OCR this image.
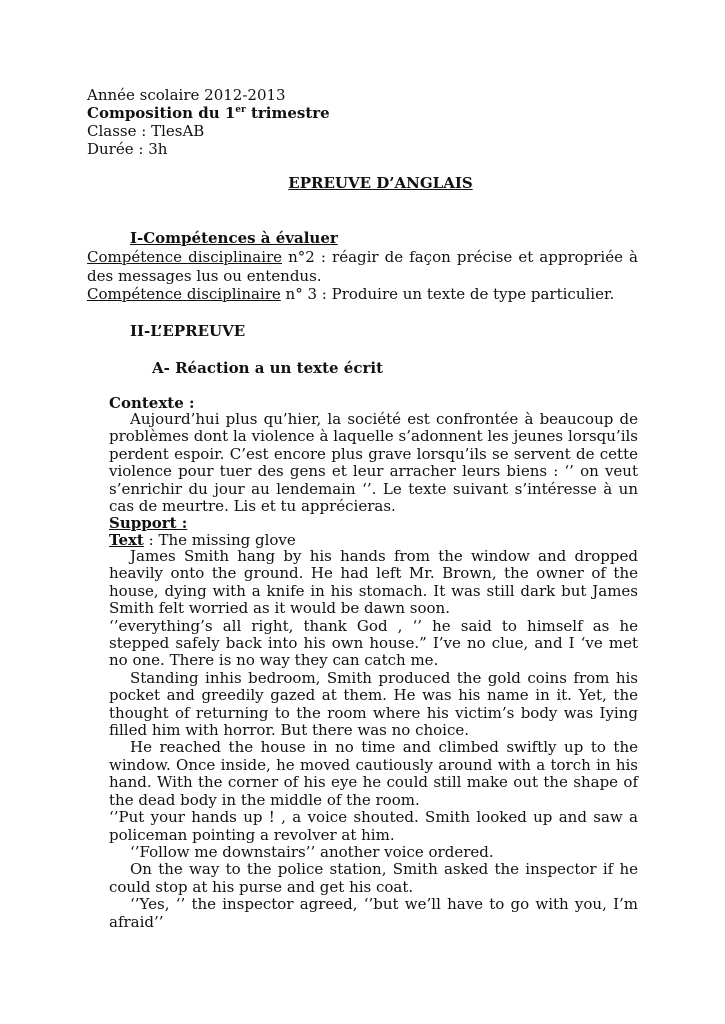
Année scolaire 2012-2013
Composition du 1er trimestre
Classe : TlesAB
Durée : 3h
EPREUVE D’ANGLAIS
I-Compétences à évaluer
Compétence disciplinaire n°2 : réagir de façon précise et appropriée à des messages lus ou entendus.
Compétence disciplinaire n° 3 : Produire un texte de type particulier.
II-L’EPREUVE
A- Réaction a un texte écrit
Contexte :
Aujourd’hui plus qu’hier, la société est confrontée à beaucoup de problèmes dont la violence à laquelle s’adonnent les jeunes lorsqu’ils perdent espoir. C’est encore plus grave lorsqu’ils se servent de cette violence pour tuer des gens et leur arracher leurs biens : ‘’ on veut s’enrichir du jour au lendemain ‘’. Le texte suivant s’intéresse à un cas de meurtre. Lis et tu apprécieras.
Support :
Text : The missing glove

James Smith hang by his hands from the window and dropped heavily onto the ground. He had left Mr. Brown, the owner of the house, dying with a knife in his stomach. It was still dark but James Smith felt worried as it would be dawn soon.

‘’everything’s all right, thank God , ‘’ he said to himself as he stepped safely back into his own house.” I’ve no clue, and I ‘ve met no one. There is no way they can catch me.

Standing inhis bedroom, Smith produced the gold coins from his pocket and greedily gazed at them. He was his name in it. Yet, the thought of returning to the room where his victim’s body was Iying filled him with horror. But there was no choice.

He reached the house in no time and climbed swiftly up to the window. Once inside, he moved cautiously around with a torch in his hand. With the corner of his eye he could still make out the shape of the dead body in the middle of the room.

‘’Put your hands up ! , a voice shouted. Smith looked up and saw a policeman pointing a revolver at him.

‘’Follow me downstairs’’ another voice ordered.

On the way to the police station, Smith asked the inspector if he could stop at his purse and get his coat.

‘’Yes, ‘’ the inspector agreed, ‘’but we’ll have to go with you, I’m afraid’’
